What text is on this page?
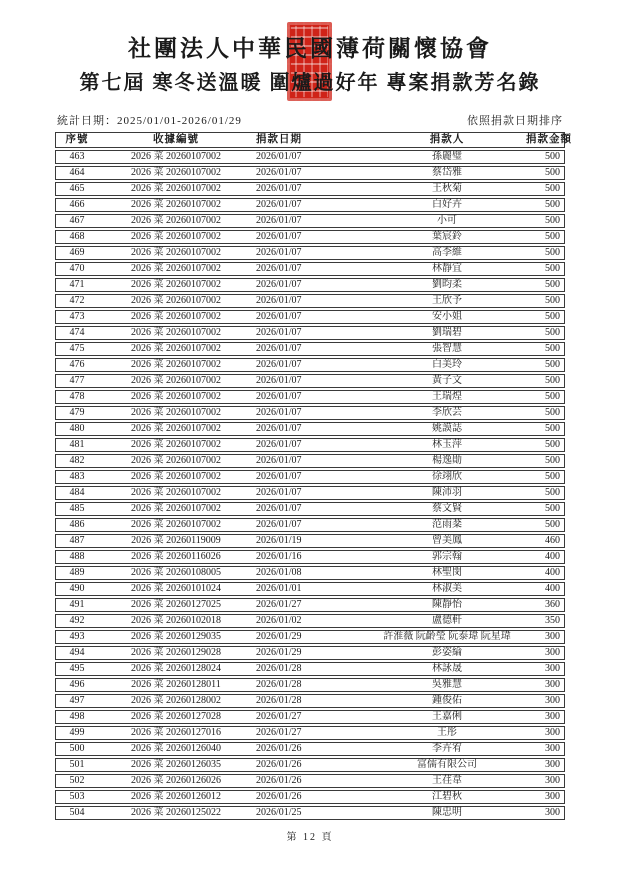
社團法人中華民國薄荷關懷協會
第七屆 寒冬送溫暖 圍爐過好年 專案捐款芳名錄
統計日期：2025/01/01-2026/01/29	依照捐款日期排序
序號	收據編號	捐款日期	捐款人	捐款金額
463	2026 菜 20260107002	2026/01/07	孫麗璧	500
464	2026 菜 20260107002	2026/01/07	蔡岱雅	500
465	2026 菜 20260107002	2026/01/07	王秋菊	500
466	2026 菜 20260107002	2026/01/07	白好卉	500
467	2026 菜 20260107002	2026/01/07	小可	500
468	2026 菜 20260107002	2026/01/07	葉宸鈴	500
469	2026 菜 20260107002	2026/01/07	高李維	500
470	2026 菜 20260107002	2026/01/07	林靜宜	500
471	2026 菜 20260107002	2026/01/07	劉昀柔	500
472	2026 菜 20260107002	2026/01/07	王欣予	500
473	2026 菜 20260107002	2026/01/07	安小姐	500
474	2026 菜 20260107002	2026/01/07	劉瑞碧	500
475	2026 菜 20260107002	2026/01/07	張智慧	500
476	2026 菜 20260107002	2026/01/07	白美玲	500
477	2026 菜 20260107002	2026/01/07	黃子文	500
478	2026 菜 20260107002	2026/01/07	王瑞煌	500
479	2026 菜 20260107002	2026/01/07	李欣芸	500
480	2026 菜 20260107002	2026/01/07	姚謨誌	500
481	2026 菜 20260107002	2026/01/07	林玉萍	500
482	2026 菜 20260107002	2026/01/07	楊逸勛	500
483	2026 菜 20260107002	2026/01/07	徐翊欣	500
484	2026 菜 20260107002	2026/01/07	陳沛羽	500
485	2026 菜 20260107002	2026/01/07	蔡文賢	500
486	2026 菜 20260107002	2026/01/07	范雨棻	500
487	2026 菜 20260119009	2026/01/19	曾美鳳	460
488	2026 菜 20260116026	2026/01/16	郭宗翰	400
489	2026 菜 20260108005	2026/01/08	林聖閔	400
490	2026 菜 20260101024	2026/01/01	林淑美	400
491	2026 菜 20260127025	2026/01/27	陳靜怡	360
492	2026 菜 20260102018	2026/01/02	盧德軒	350
493	2026 菜 20260129035	2026/01/29	許淮薇 阮齡瑩 阮泰瑋 阮星瑋	300
494	2026 菜 20260129028	2026/01/29	彭姿綸	300
495	2026 菜 20260128024	2026/01/28	林詠晟	300
496	2026 菜 20260128011	2026/01/28	吳雅慧	300
497	2026 菜 20260128002	2026/01/28	鍾俊佑	300
498	2026 菜 20260127028	2026/01/27	王嘉俐	300
499	2026 菜 20260127016	2026/01/27	王彤	300
500	2026 菜 20260126040	2026/01/26	李卉宥	300
501	2026 菜 20260126035	2026/01/26	富儒有限公司	300
502	2026 菜 20260126026	2026/01/26	王荏韋	300
503	2026 菜 20260126012	2026/01/26	江碧秋	300
504	2026 菜 20260125022	2026/01/25	陳忠明	300
第 12 頁
